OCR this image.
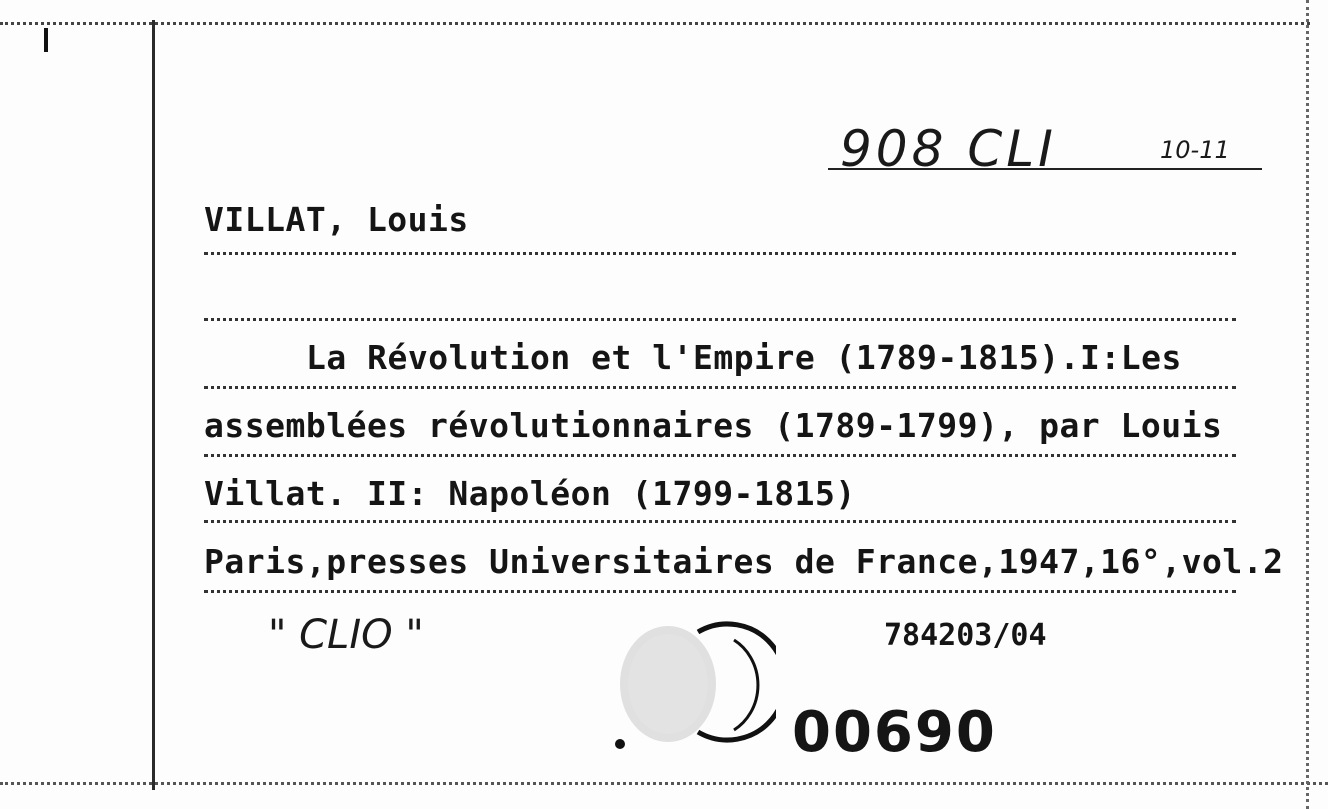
908 CLI	10-11
VILLAT, Louis
La Révolution et l'Empire (1789-1815).I:Les
assemblées révolutionnaires (1789-1799), par Louis
Villat. II: Napoléon (1799-1815)
Paris,presses Universitaires de France,1947,16°,vol.2
" CLIO "	784203/04
00690
